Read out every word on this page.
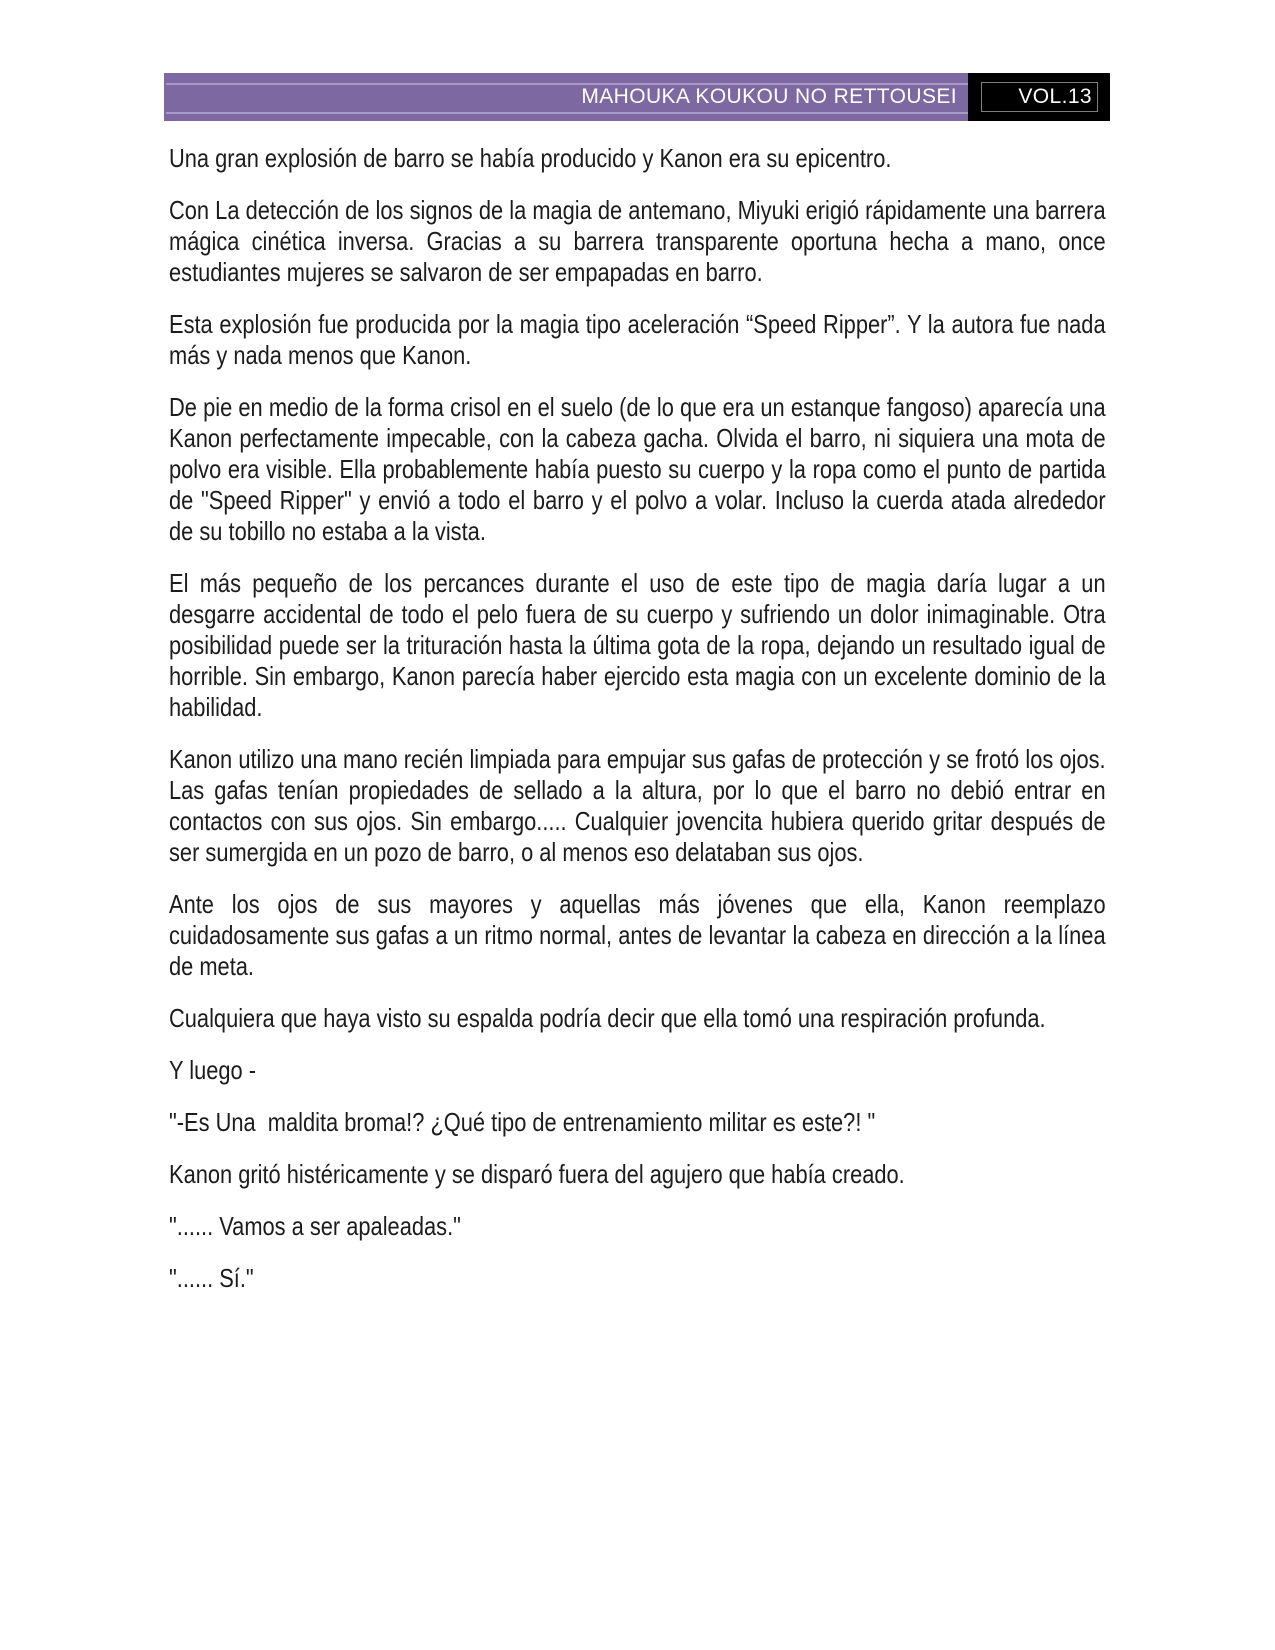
MAHOUKA KOUKOU NO RETTOUSEI	VOL.13

Una gran explosión de barro se había producido y Kanon era su epicentro.

Con La detección de los signos de la magia de antemano, Miyuki erigió rápidamente una barrera mágica cinética inversa. Gracias a su barrera transparente oportuna hecha a mano, once estudiantes mujeres se salvaron de ser empapadas en barro.

Esta explosión fue producida por la magia tipo aceleración “Speed Ripper”. Y la autora fue nada más y nada menos que Kanon.

De pie en medio de la forma crisol en el suelo (de lo que era un estanque fangoso) aparecía una Kanon perfectamente impecable, con la cabeza gacha. Olvida el barro, ni siquiera una mota de polvo era visible. Ella probablemente había puesto su cuerpo y la ropa como el punto de partida de "Speed Ripper" y envió a todo el barro y el polvo a volar. Incluso la cuerda atada alrededor de su tobillo no estaba a la vista.

El más pequeño de los percances durante el uso de este tipo de magia daría lugar a un desgarre accidental de todo el pelo fuera de su cuerpo y sufriendo un dolor inimaginable. Otra posibilidad puede ser la trituración hasta la última gota de la ropa, dejando un resultado igual de horrible. Sin embargo, Kanon parecía haber ejercido esta magia con un excelente dominio de la habilidad.

Kanon utilizo una mano recién limpiada para empujar sus gafas de protección y se frotó los ojos. Las gafas tenían propiedades de sellado a la altura, por lo que el barro no debió entrar en contactos con sus ojos. Sin embargo..... Cualquier jovencita hubiera querido gritar después de ser sumergida en un pozo de barro, o al menos eso delataban sus ojos.

Ante los ojos de sus mayores y aquellas más jóvenes que ella, Kanon reemplazo cuidadosamente sus gafas a un ritmo normal, antes de levantar la cabeza en dirección a la línea de meta.

Cualquiera que haya visto su espalda podría decir que ella tomó una respiración profunda.

Y luego -

"-Es Una  maldita broma!? ¿Qué tipo de entrenamiento militar es este?! "

Kanon gritó histéricamente y se disparó fuera del agujero que había creado.

"...... Vamos a ser apaleadas."

"...... Sí."
